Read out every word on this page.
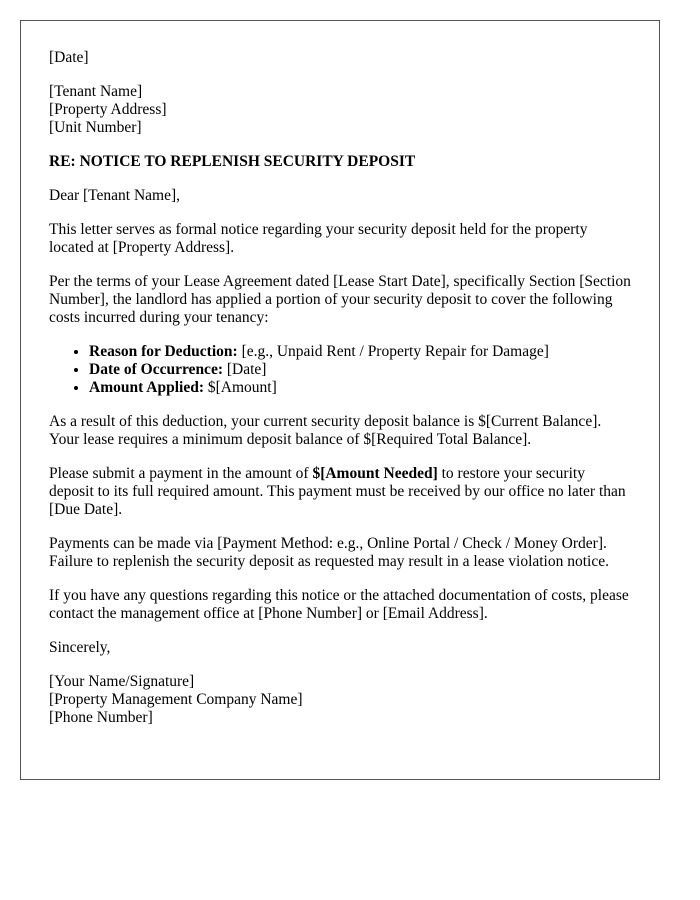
[Date]
[Tenant Name]
[Property Address]
[Unit Number]
RE: NOTICE TO REPLENISH SECURITY DEPOSIT

Dear [Tenant Name],

This letter serves as formal notice regarding your security deposit held for the property located at [Property Address].

Per the terms of your Lease Agreement dated [Lease Start Date], specifically Section [Section Number], the landlord has applied a portion of your security deposit to cover the following costs incurred during your tenancy:

• Reason for Deduction: [e.g., Unpaid Rent / Property Repair for Damage]
• Date of Occurrence: [Date]
• Amount Applied: $[Amount]

As a result of this deduction, your current security deposit balance is $[Current Balance]. Your lease requires a minimum deposit balance of $[Required Total Balance].

Please submit a payment in the amount of $[Amount Needed] to restore your security deposit to its full required amount. This payment must be received by our office no later than [Due Date].

Payments can be made via [Payment Method: e.g., Online Portal / Check / Money Order]. Failure to replenish the security deposit as requested may result in a lease violation notice.

If you have any questions regarding this notice or the attached documentation of costs, please contact the management office at [Phone Number] or [Email Address].

Sincerely,

[Your Name/Signature]
[Property Management Company Name]
[Phone Number]
